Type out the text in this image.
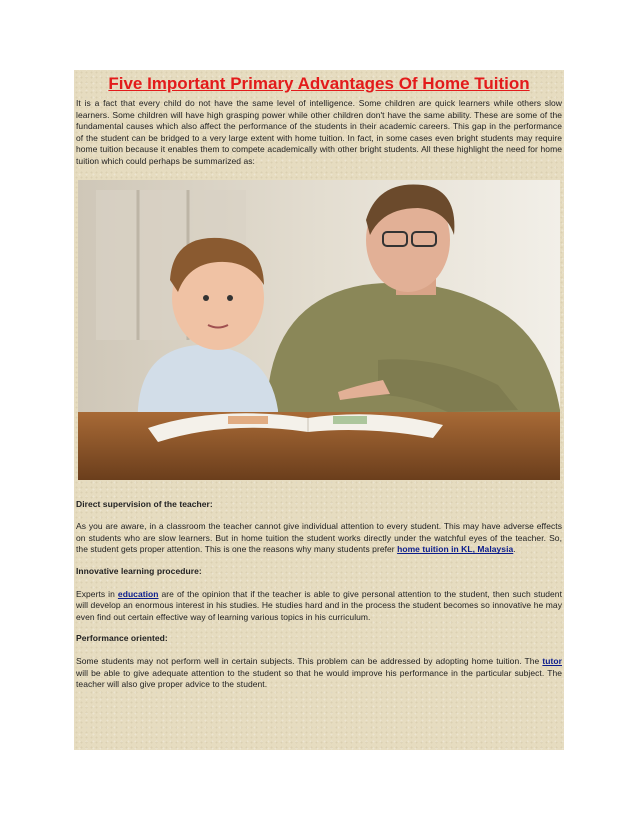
Five Important Primary Advantages Of Home Tuition

It is a fact that every child do not have the same level of intelligence. Some children are quick learners while others slow learners. Some children will have high grasping power while other children don't have the same ability. These are some of the fundamental causes which also affect the performance of the students in their academic careers. This gap in the performance of the student can be bridged to a very large extent with home tuition. In fact, in some cases even bright students may require home tuition because it enables them to compete academically with other bright students. All these highlight the need for home tuition which could perhaps be summarized as:

Direct supervision of the teacher:

As you are aware, in a classroom the teacher cannot give individual attention to every student. This may have adverse effects on students who are slow learners. But in home tuition the student works directly under the watchful eyes of the teacher. So, the student gets proper attention. This is one the reasons why many students prefer home tuition in KL, Malaysia.

Innovative learning procedure:

Experts in education are of the opinion that if the teacher is able to give personal attention to the student, then such student will develop an enormous interest in his studies. He studies hard and in the process the student becomes so innovative he may even find out certain effective way of learning various topics in his curriculum.

Performance oriented:

Some students may not perform well in certain subjects. This problem can be addressed by adopting home tuition. The tutor will be able to give adequate attention to the student so that he would improve his performance in the particular subject. The teacher will also give proper advice to the student.
